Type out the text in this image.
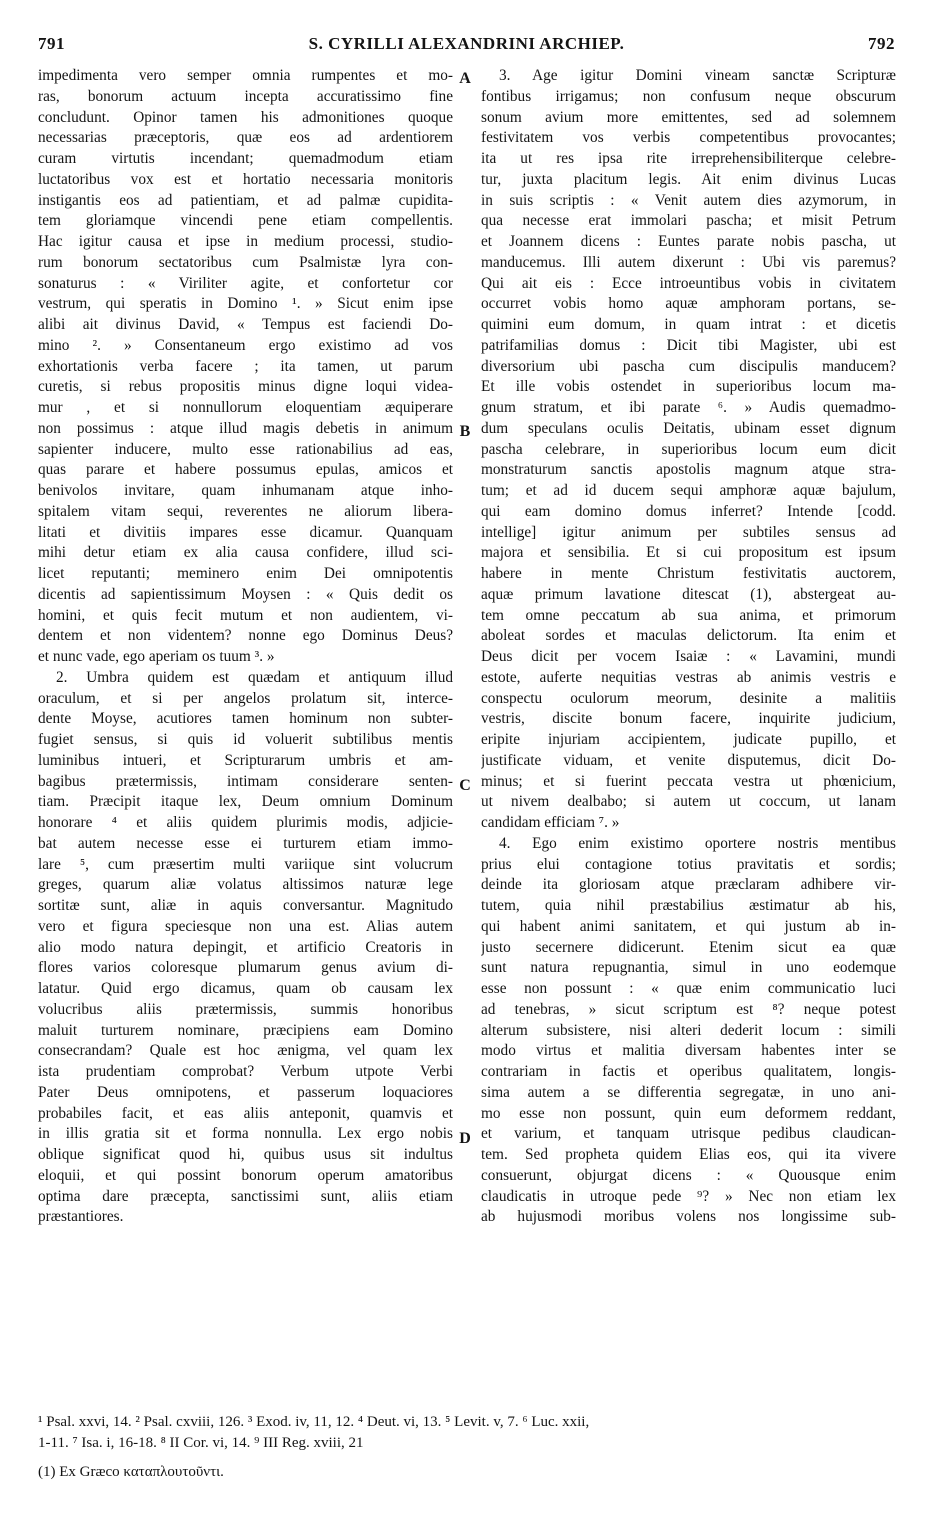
791	S. CYRILLI ALEXANDRINI ARCHIEP.	792
impedimenta vero semper omnia rumpentes et mo-
ras, bonorum actuum incepta accuratissimo fine
concludunt. Opinor tamen his admonitiones quoque
necessarias præceptoris, quæ eos ad ardentiorem
curam virtutis incendant; quemadmodum etiam
luctatoribus vox est et hortatio necessaria monitoris
instigantis eos ad patientiam, et ad palmæ cupidita-
tem gloriamque vincendi pene etiam compellentis.
Hac igitur causa et ipse in medium processi, studio-
rum bonorum sectatoribus cum Psalmistæ lyra con-
sonaturus : « Viriliter agite, et confortetur cor
vestrum, qui speratis in Domino ¹. » Sicut enim ipse
alibi ait divinus David, « Tempus est faciendi Do-
mino ². » Consentaneum ergo existimo ad vos
exhortationis verba facere ; ita tamen, ut parum
curetis, si rebus propositis minus digne loqui videa-
mur , et si nonnullorum eloquentiam æquiperare
non possimus : atque illud magis debetis in animum
sapienter inducere, multo esse rationabilius ad eas,
quas parare et habere possumus epulas, amicos et
benivolos invitare, quam inhumanam atque inho-
spitalem vitam sequi, reverentes ne aliorum libera-
litati et divitiis impares esse dicamur. Quanquam
mihi detur etiam ex alia causa confidere, illud sci-
licet reputanti; meminero enim Dei omnipotentis
dicentis ad sapientissimum Moysen : « Quis dedit os
homini, et quis fecit mutum et non audientem, vi-
dentem et non videntem? nonne ego Dominus Deus?
et nunc vade, ego aperiam os tuum ³. »
2. Umbra quidem est quædam et antiquum illud
oraculum, et si per angelos prolatum sit, interce-
dente Moyse, acutiores tamen hominum non subter-
fugiet sensus, si quis id voluerit subtilibus mentis
luminibus intueri, et Scripturarum umbris et am-
bagibus prætermissis, intimam considerare senten-
tiam. Præcipit itaque lex, Deum omnium Dominum
honorare ⁴ et aliis quidem plurimis modis, adjicie-
bat autem necesse esse ei turturem etiam immo-
lare ⁵, cum præsertim multi variique sint volucrum
greges, quarum aliæ volatus altissimos naturæ lege
sortitæ sunt, aliæ in aquis conversantur. Magnitudo
vero et figura speciesque non una est. Alias autem
alio modo natura depingit, et artificio Creatoris in
flores varios coloresque plumarum genus avium di-
latatur. Quid ergo dicamus, quam ob causam lex
volucribus aliis prætermissis, summis honoribus
maluit turturem nominare, præcipiens eam Domino
consecrandam? Quale est hoc ænigma, vel quam lex
ista prudentiam comprobat? Verbum utpote Verbi
Pater Deus omnipotens, et passerum loquaciores
probabiles facit, et eas aliis anteponit, quamvis et
in illis gratia sit et forma nonnulla. Lex ergo nobis
oblique significat quod hi, quibus usus sit indultus
eloquii, et qui possint bonorum operum amatoribus
optima dare præcepta, sanctissimi sunt, aliis etiam
præstantiores.
3. Age igitur Domini vineam sanctæ Scripturæ
fontibus irrigamus; non confusum neque obscurum
sonum avium more emittentes, sed ad solemnem
festivitatem vos verbis competentibus provocantes;
ita ut res ipsa rite irreprehensibiliterque celebre-
tur, juxta placitum legis. Ait enim divinus Lucas
in suis scriptis : « Venit autem dies azymorum, in
qua necesse erat immolari pascha; et misit Petrum
et Joannem dicens : Euntes parate nobis pascha, ut
manducemus. Illi autem dixerunt : Ubi vis paremus?
Qui ait eis : Ecce introeuntibus vobis in civitatem
occurret vobis homo aquæ amphoram portans, se-
quimini eum domum, in quam intrat : et dicetis
patrifamilias domus : Dicit tibi Magister, ubi est
diversorium ubi pascha cum discipulis manducem?
Et ille vobis ostendet in superioribus locum ma-
gnum stratum, et ibi parate ⁶. » Audis quemadmo-
dum speculans oculis Deitatis, ubinam esset dignum
pascha celebrare, in superioribus locum eum dicit
monstraturum sanctis apostolis magnum atque stra-
tum; et ad id ducem sequi amphoræ aquæ bajulum,
qui eam domino domus inferret? Intende [codd.
intellige] igitur animum per subtiles sensus ad
majora et sensibilia. Et si cui propositum est ipsum
habere in mente Christum festivitatis auctorem,
aquæ primum lavatione ditescat (1), abstergeat au-
tem omne peccatum ab sua anima, et primorum
aboleat sordes et maculas delictorum. Ita enim et
Deus dicit per vocem Isaiæ : « Lavamini, mundi
estote, auferte nequitias vestras ab animis vestris e
conspectu oculorum meorum, desinite a malitiis
vestris, discite bonum facere, inquirite judicium,
eripite injuriam accipientem, judicate pupillo, et
justificate viduam, et venite disputemus, dicit Do-
minus; et si fuerint peccata vestra ut phœnicium,
ut nivem dealbabo; si autem ut coccum, ut lanam
candidam efficiam ⁷. »
4. Ego enim existimo oportere nostris mentibus
prius elui contagione totius pravitatis et sordis;
deinde ita gloriosam atque præclaram adhibere vir-
tutem, quia nihil præstabilius æstimatur ab his,
qui habent animi sanitatem, et qui justum ab in-
justo secernere didicerunt. Etenim sicut ea quæ
sunt natura repugnantia, simul in uno eodemque
esse non possunt : « quæ enim communicatio luci
ad tenebras, » sicut scriptum est ⁸? neque potest
alterum subsistere, nisi alteri dederit locum : simili
modo virtus et malitia diversam habentes inter se
contrariam in factis et operibus qualitatem, longis-
sima autem a se differentia segregatæ, in uno ani-
mo esse non possunt, quin eum deformem reddant,
et varium, et tanquam utrisque pedibus claudican-
tem. Sed propheta quidem Elias eos, qui ita vivere
consuerunt, objurgat dicens : « Quousque enim
claudicatis in utroque pede ⁹? » Nec non etiam lex
ab hujusmodi moribus volens nos longissime sub-
A
B
C
D
¹ Psal. xxvi, 14. ² Psal. cxviii, 126. ³ Exod. iv, 11, 12. ⁴ Deut. vi, 13. ⁵ Levit. v, 7. ⁶ Luc. xxii,
1-11. ⁷ Isa. i, 16-18. ⁸ II Cor. vi, 14. ⁹ III Reg. xviii, 21
(1) Ex Græco καταπλουτοῦντι.
